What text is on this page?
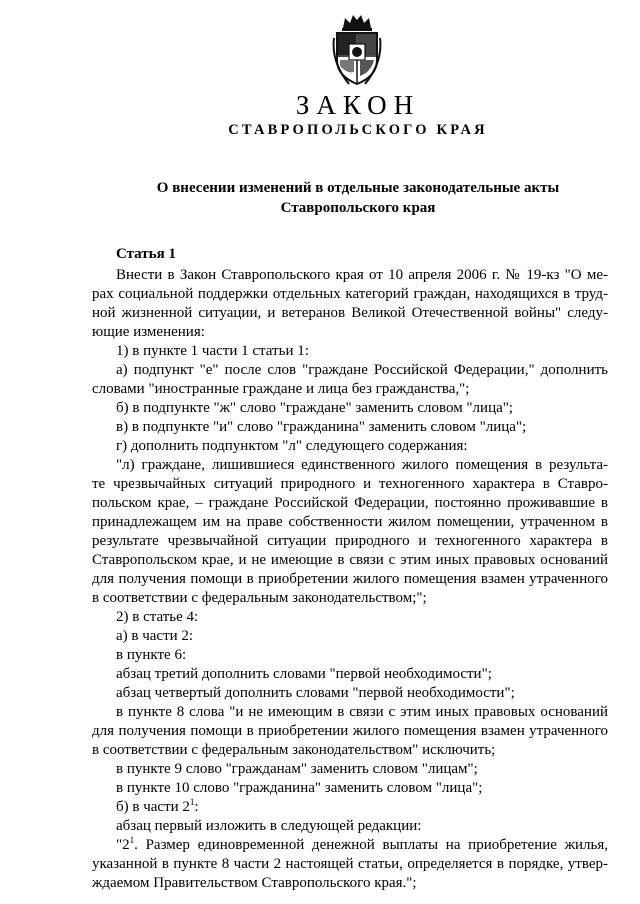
ЗАКОН
СТАВРОПОЛЬСКОГО КРАЯ
О внесении изменений в отдельные законодательные акты
Ставропольского края
Статья 1
Внести в Закон Ставропольского края от 10 апреля 2006 г. № 19-кз "О ме-
рах социальной поддержки отдельных категорий граждан, находящихся в труд-
ной жизненной ситуации, и ветеранов Великой Отечественной войны" следу-
ющие изменения:
1) в пункте 1 части 1 статьи 1:
а) подпункт "е" после слов "граждане Российской Федерации," дополнить
словами "иностранные граждане и лица без гражданства,";
б) в подпункте "ж" слово "граждане" заменить словом "лица";
в) в подпункте "и" слово "гражданина" заменить словом "лица";
г) дополнить подпунктом "л" следующего содержания:
"л) граждане, лишившиеся единственного жилого помещения в результа-
те чрезвычайных ситуаций природного и техногенного характера в Ставро-
польском крае, – граждане Российской Федерации, постоянно проживавшие в
принадлежащем им на праве собственности жилом помещении, утраченном в
результате чрезвычайной ситуации природного и техногенного характера в
Ставропольском крае, и не имеющие в связи с этим иных правовых оснований
для получения помощи в приобретении жилого помещения взамен утраченного
в соответствии с федеральным законодательством;";
2) в статье 4:
а) в части 2:
в пункте 6:
абзац третий дополнить словами "первой необходимости";
абзац четвертый дополнить словами "первой необходимости";
в пункте 8 слова "и не имеющим в связи с этим иных правовых оснований
для получения помощи в приобретении жилого помещения взамен утраченного
в соответствии с федеральным законодательством" исключить;
в пункте 9 слово "гражданам" заменить словом "лицам";
в пункте 10 слово "гражданина" заменить словом "лица";
б) в части $2^1$:
абзац первый изложить в следующей редакции:
"$2^1$. Размер единовременной денежной выплаты на приобретение жилья,
указанной в пункте 8 части 2 настоящей статьи, определяется в порядке, утвер-
ждаемом Правительством Ставропольского края.";
